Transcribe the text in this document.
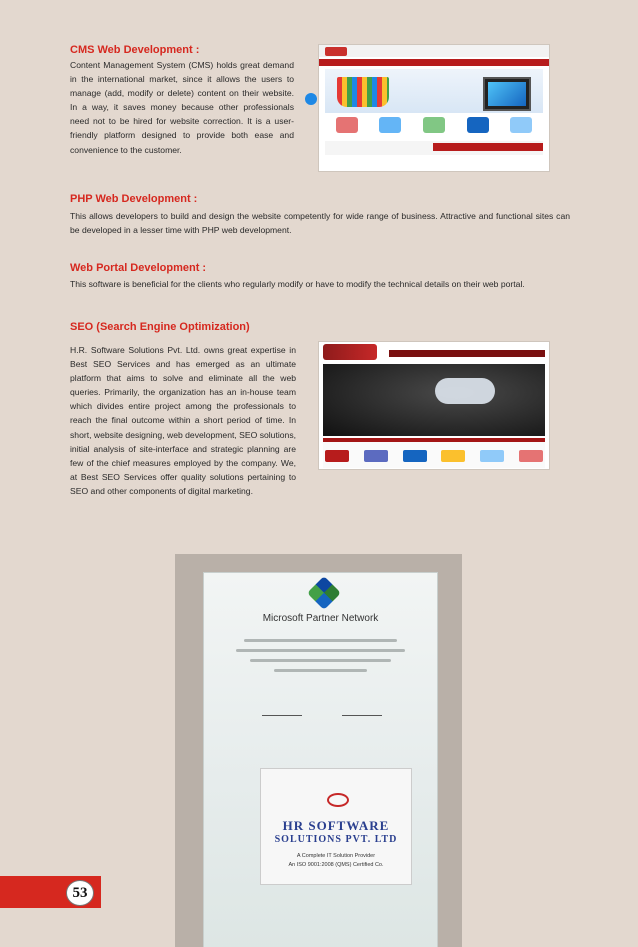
CMS Web Development :

Content Management System (CMS) holds great demand in the international market, since it allows the users to manage (add, modify or delete) content on their website. In a way, it saves money because other professionals need not to be hired for website correction. It is a user-friendly platform designed to provide both ease and convenience to the customer.

PHP Web Development :

This allows developers to build and design the website competently for wide range of business. Attractive and functional sites can be developed in a lesser time with PHP web development.

Web Portal Development :

This software is beneficial for the clients who regularly modify or have to modify the technical details on their web portal.

SEO (Search Engine Optimization)

H.R. Software Solutions Pvt. Ltd. owns great expertise in Best SEO Services and has emerged as an ultimate platform that aims to solve and eliminate all the web queries. Primarily, the organization has an in-house team which divides entire project among the professionals to reach the final outcome within a short period of time. In short, website designing, web development, SEO solutions, initial analysis of site-interface and strategic planning are few of the chief measures employed by the company. We, at Best SEO Services offer quality solutions pertaining to SEO and other components of digital marketing.

Microsoft Partner Network

HR SOFTWARE

SOLUTIONS PVT. LTD

A Complete IT Solution Provider

An ISO 9001:2008 (QMS) Certified Co.

53
